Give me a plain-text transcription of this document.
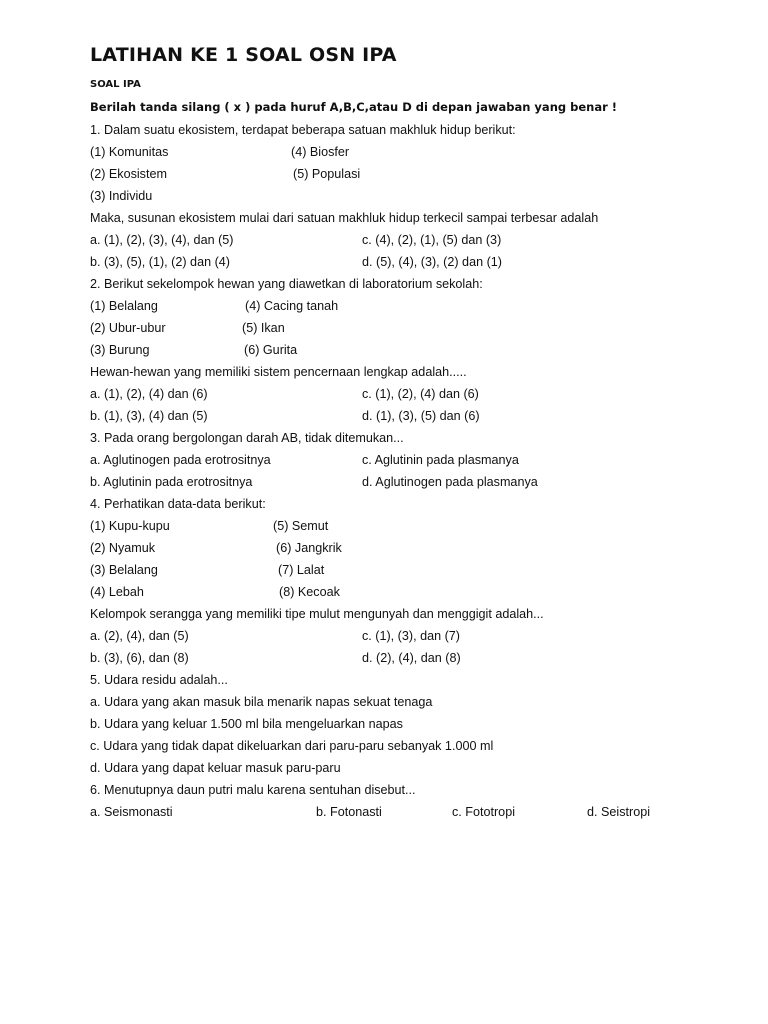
LATIHAN KE 1 SOAL OSN IPA
SOAL IPA
Berilah tanda silang ( x ) pada huruf A,B,C,atau D di depan jawaban yang benar !
1. Dalam suatu ekosistem, terdapat beberapa satuan makhluk hidup berikut:
(1) Komunitas	(4) Biosfer
(2) Ekosistem	(5) Populasi
(3) Individu
Maka, susunan ekosistem mulai dari satuan makhluk hidup terkecil sampai terbesar adalah
a. (1), (2), (3), (4), dan (5)	c. (4), (2), (1), (5) dan (3)
b. (3), (5), (1), (2) dan (4)	d. (5), (4), (3), (2) dan (1)
2. Berikut sekelompok hewan yang diawetkan di laboratorium sekolah:
(1) Belalang	(4) Cacing tanah
(2) Ubur-ubur	(5) Ikan
(3) Burung	(6) Gurita
Hewan-hewan yang memiliki sistem pencernaan lengkap adalah.....
a. (1), (2), (4) dan (6)	c. (1), (2), (4) dan (6)
b. (1), (3), (4) dan (5)	d. (1), (3), (5) dan (6)
3. Pada orang bergolongan darah AB, tidak ditemukan...
a. Aglutinogen pada erotrositnya	c. Aglutinin pada plasmanya
b. Aglutinin pada erotrositnya	d. Aglutinogen pada plasmanya
4. Perhatikan data-data berikut:
(1) Kupu-kupu	(5) Semut
(2) Nyamuk	(6) Jangkrik
(3) Belalang	(7) Lalat
(4) Lebah	(8) Kecoak
Kelompok serangga yang memiliki tipe mulut mengunyah dan menggigit adalah...
a. (2), (4), dan (5)	c. (1), (3), dan (7)
b. (3), (6), dan (8)	d. (2), (4), dan (8)
5. Udara residu adalah...
a. Udara yang akan masuk bila menarik napas sekuat tenaga
b. Udara yang keluar 1.500 ml bila mengeluarkan napas
c. Udara yang tidak dapat dikeluarkan dari paru-paru sebanyak 1.000 ml
d. Udara yang dapat keluar masuk paru-paru
6. Menutupnya daun putri malu karena sentuhan disebut...
a. Seismonasti	b. Fotonasti	c. Fototropi	d. Seistropi
